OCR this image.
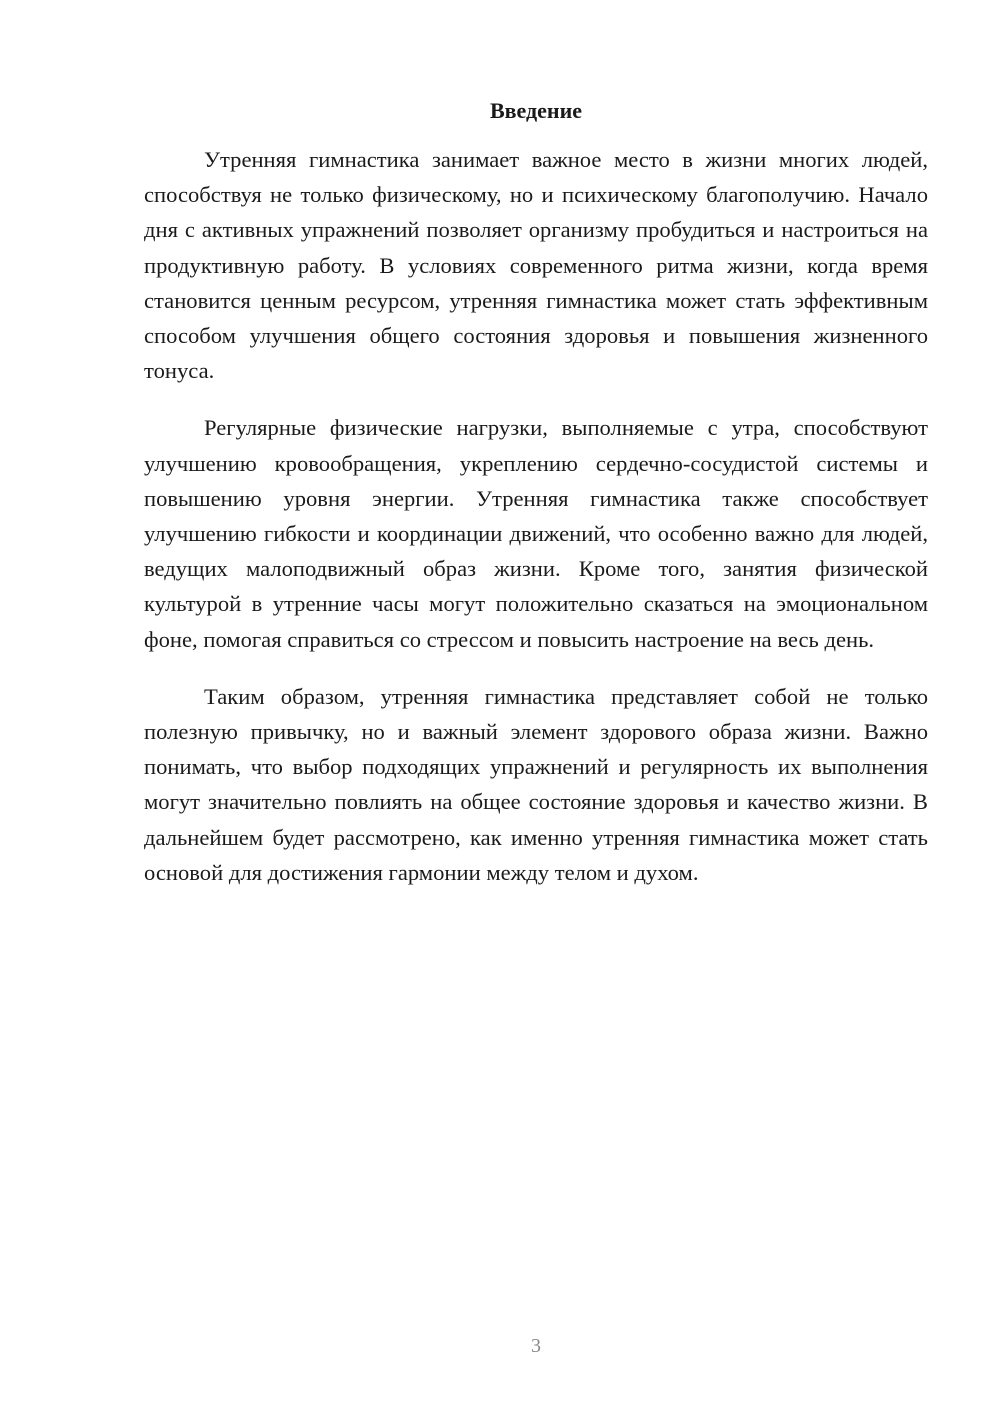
Введение

Утренняя гимнастика занимает важное место в жизни многих людей, способствуя не только физическому, но и психическому благополучию. Начало дня с активных упражнений позволяет организму пробудиться и настроиться на продуктивную работу. В условиях современного ритма жизни, когда время становится ценным ресурсом, утренняя гимнастика может стать эффективным способом улучшения общего состояния здоровья и повышения жизненного тонуса.

Регулярные физические нагрузки, выполняемые с утра, способствуют улучшению кровообращения, укреплению сердечно-сосудистой системы и повышению уровня энергии. Утренняя гимнастика также способствует улучшению гибкости и координации движений, что особенно важно для людей, ведущих малоподвижный образ жизни. Кроме того, занятия физической культурой в утренние часы могут положительно сказаться на эмоциональном фоне, помогая справиться со стрессом и повысить настроение на весь день.

Таким образом, утренняя гимнастика представляет собой не только полезную привычку, но и важный элемент здорового образа жизни. Важно понимать, что выбор подходящих упражнений и регулярность их выполнения могут значительно повлиять на общее состояние здоровья и качество жизни. В дальнейшем будет рассмотрено, как именно утренняя гимнастика может стать основой для достижения гармонии между телом и духом.

3
